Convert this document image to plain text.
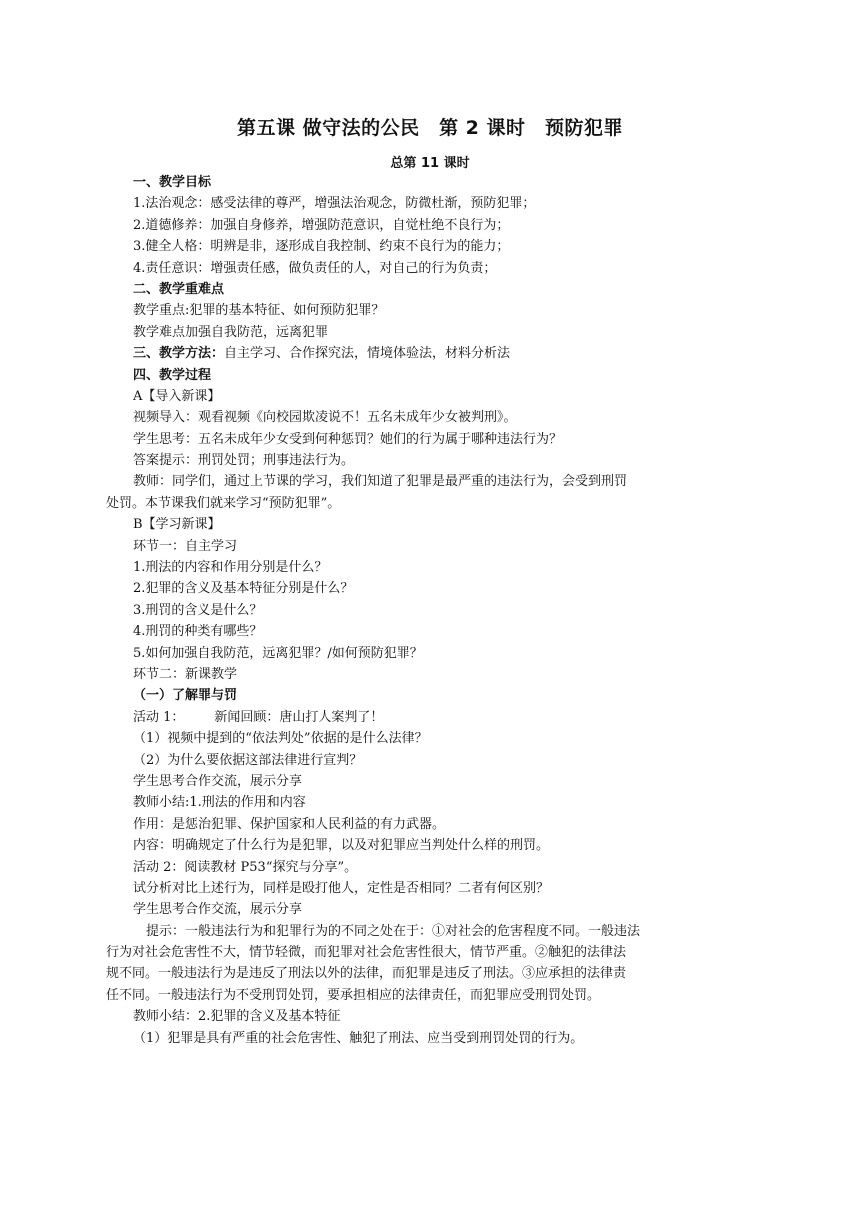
第五课 做守法的公民　第 2 课时　预防犯罪
总第 11 课时
一、教学目标
1.法治观念：感受法律的尊严，增强法治观念，防微杜渐，预防犯罪；
2.道德修养：加强自身修养，增强防范意识，自觉杜绝不良行为；
3.健全人格：明辨是非，逐形成自我控制、约束不良行为的能力；
4.责任意识：增强责任感，做负责任的人，对自己的行为负责；
二、教学重难点
教学重点:犯罪的基本特征、如何预防犯罪？
教学难点加强自我防范，远离犯罪
三、教学方法：自主学习、合作探究法，情境体验法，材料分析法
四、教学过程
A【导入新课】
视频导入：观看视频《向校园欺凌说不！五名未成年少女被判刑》。
学生思考：五名未成年少女受到何种惩罚？她们的行为属于哪种违法行为？
答案提示：刑罚处罚；刑事违法行为。
教师：同学们，通过上节课的学习，我们知道了犯罪是最严重的违法行为，会受到刑罚
处罚。本节课我们就来学习“预防犯罪”。
B【学习新课】
环节一：自主学习
1.刑法的内容和作用分别是什么？
2.犯罪的含义及基本特征分别是什么？
3.刑罚的含义是什么？
4.刑罚的种类有哪些？
5.如何加强自我防范，远离犯罪？/如何预防犯罪？
环节二：新课教学
（一）了解罪与罚
活动 1： 新闻回顾：唐山打人案判了！
（1）视频中提到的“依法判处”依据的是什么法律？
（2）为什么要依据这部法律进行宣判？
学生思考合作交流，展示分享
教师小结:1.刑法的作用和内容
作用：是惩治犯罪、保护国家和人民利益的有力武器。
内容：明确规定了什么行为是犯罪，以及对犯罪应当判处什么样的刑罚。
活动 2：阅读教材 P53“探究与分享”。
试分析对比上述行为，同样是殴打他人，定性是否相同？二者有何区别？
学生思考合作交流，展示分享
提示：一般违法行为和犯罪行为的不同之处在于：①对社会的危害程度不同。一般违法
行为对社会危害性不大，情节轻微，而犯罪对社会危害性很大，情节严重。②触犯的法律法
规不同。一般违法行为是违反了刑法以外的法律，而犯罪是违反了刑法。③应承担的法律责
任不同。一般违法行为不受刑罚处罚，要承担相应的法律责任，而犯罪应受刑罚处罚。
教师小结：2.犯罪的含义及基本特征
（1）犯罪是具有严重的社会危害性、触犯了刑法、应当受到刑罚处罚的行为。
